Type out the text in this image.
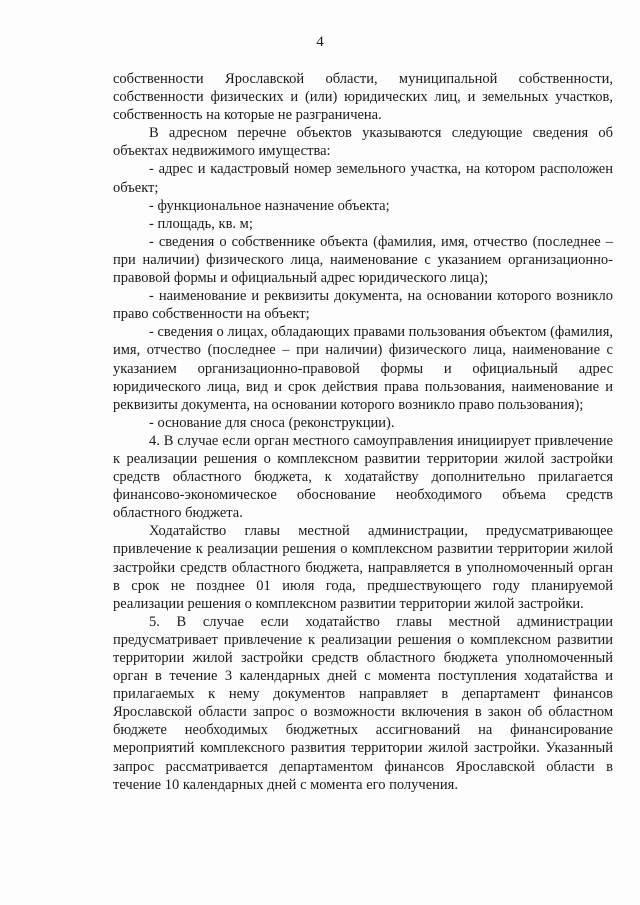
4

собственности Ярославской области, муниципальной собственности, собственности физических и (или) юридических лиц, и земельных участков, собственность на которые не разграничена.

В адресном перечне объектов указываются следующие сведения об объектах недвижимого имущества:

- адрес и кадастровый номер земельного участка, на котором расположен объект;

- функциональное назначение объекта;

- площадь, кв. м;

- сведения о собственнике объекта (фамилия, имя, отчество (последнее – при наличии) физического лица, наименование с указанием организационно-правовой формы и официальный адрес юридического лица);

- наименование и реквизиты документа, на основании которого возникло право собственности на объект;

- сведения о лицах, обладающих правами пользования объектом (фамилия, имя, отчество (последнее – при наличии) физического лица, наименование с указанием организационно-правовой формы и официальный адрес юридического лица, вид и срок действия права пользования, наименование и реквизиты документа, на основании которого возникло право пользования);

- основание для сноса (реконструкции).

4. В случае если орган местного самоуправления инициирует привлечение к реализации решения о комплексном развитии территории жилой застройки средств областного бюджета, к ходатайству дополнительно прилагается финансово-экономическое обоснование необходимого объема средств областного бюджета.

Ходатайство главы местной администрации, предусматривающее привлечение к реализации решения о комплексном развитии территории жилой застройки средств областного бюджета, направляется в уполномоченный орган в срок не позднее 01 июля года, предшествующего году планируемой реализации решения о комплексном развитии территории жилой застройки.

5. В случае если ходатайство главы местной администрации предусматривает привлечение к реализации решения о комплексном развитии территории жилой застройки средств областного бюджета уполномоченный орган в течение 3 календарных дней с момента поступления ходатайства и прилагаемых к нему документов направляет в департамент финансов Ярославской области запрос о возможности включения в закон об областном бюджете необходимых бюджетных ассигнований на финансирование мероприятий комплексного развития территории жилой застройки. Указанный запрос рассматривается департаментом финансов Ярославской области в течение 10 календарных дней с момента его получения.
